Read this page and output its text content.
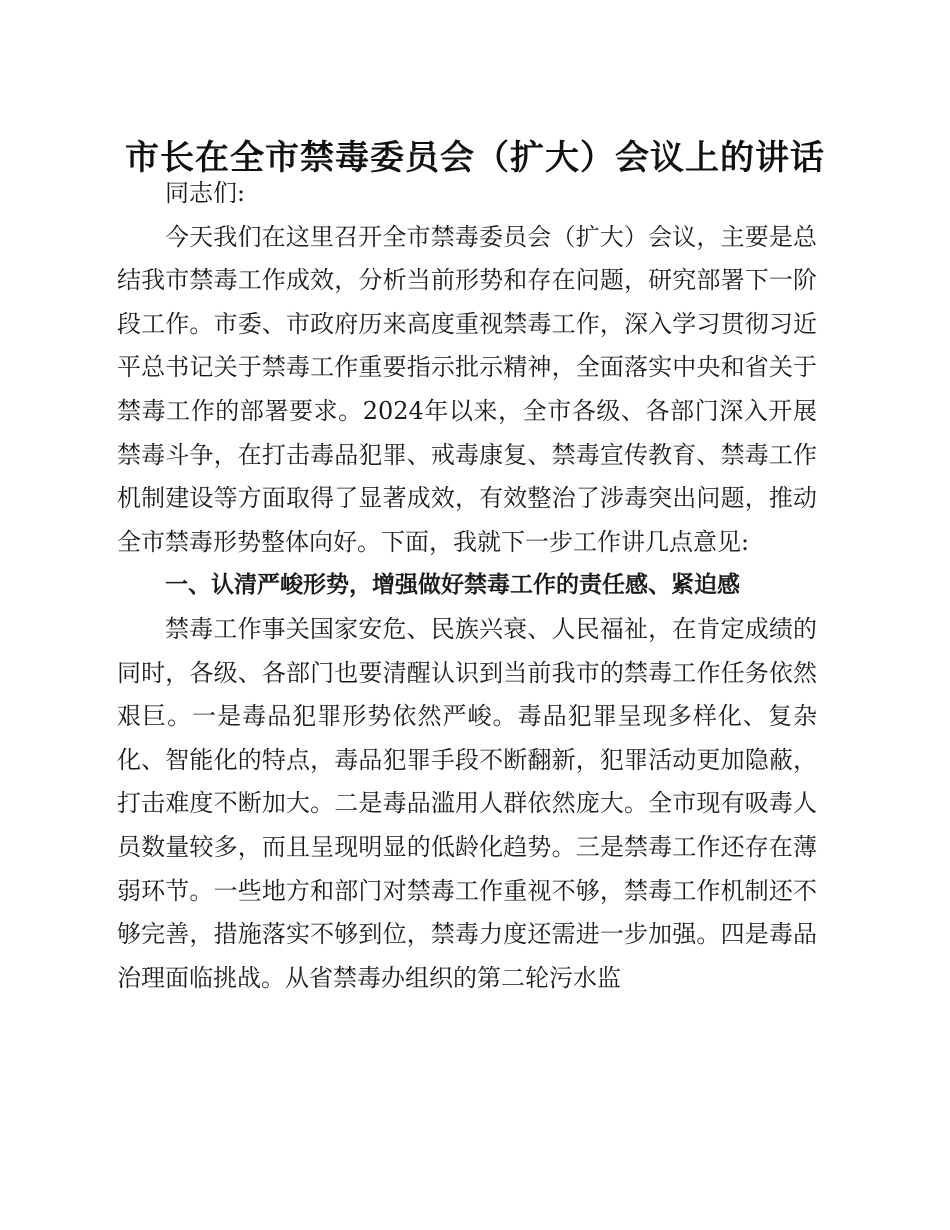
市长在全市禁毒委员会（扩大）会议上的讲话

同志们:

今天我们在这里召开全市禁毒委员会（扩大）会议，主要是总结我市禁毒工作成效，分析当前形势和存在问题，研究部署下一阶段工作。市委、市政府历来高度重视禁毒工作，深入学习贯彻习近平总书记关于禁毒工作重要指示批示精神，全面落实中央和省关于禁毒工作的部署要求。2024年以来，全市各级、各部门深入开展禁毒斗争，在打击毒品犯罪、戒毒康复、禁毒宣传教育、禁毒工作机制建设等方面取得了显著成效，有效整治了涉毒突出问题，推动全市禁毒形势整体向好。下面，我就下一步工作讲几点意见:

一、认清严峻形势，增强做好禁毒工作的责任感、紧迫感

禁毒工作事关国家安危、民族兴衰、人民福祉，在肯定成绩的同时，各级、各部门也要清醒认识到当前我市的禁毒工作任务依然艰巨。一是毒品犯罪形势依然严峻。毒品犯罪呈现多样化、复杂化、智能化的特点，毒品犯罪手段不断翻新，犯罪活动更加隐蔽，打击难度不断加大。二是毒品滥用人群依然庞大。全市现有吸毒人员数量较多，而且呈现明显的低龄化趋势。三是禁毒工作还存在薄弱环节。一些地方和部门对禁毒工作重视不够，禁毒工作机制还不够完善，措施落实不够到位，禁毒力度还需进一步加强。四是毒品治理面临挑战。从省禁毒办组织的第二轮污水监
